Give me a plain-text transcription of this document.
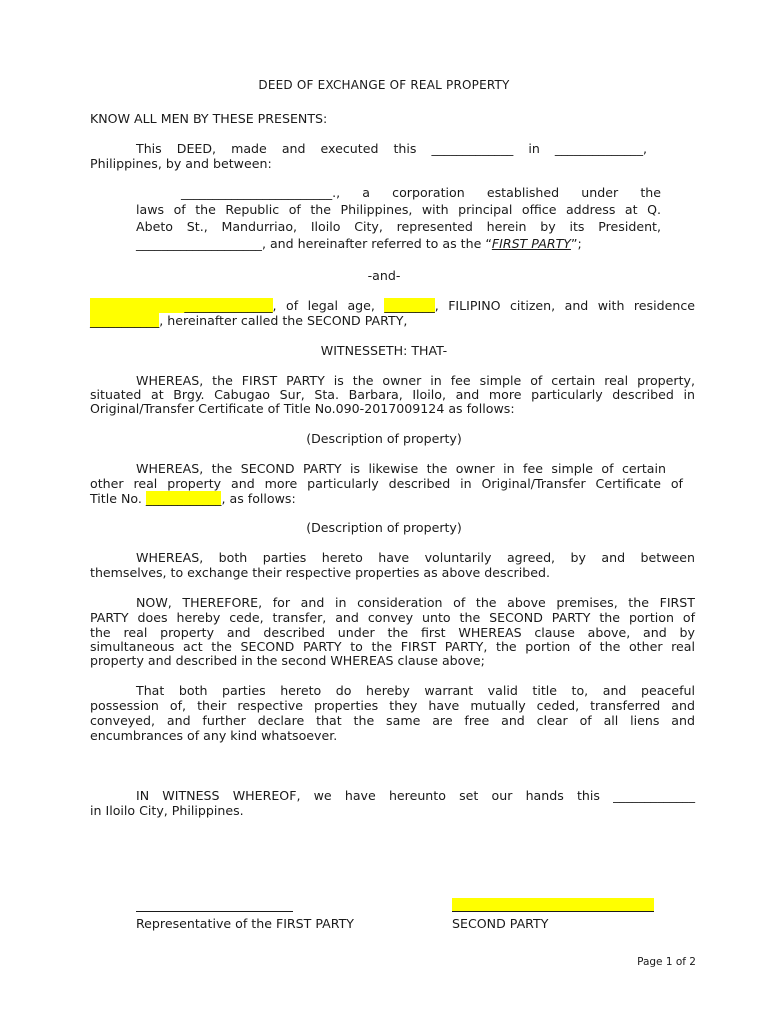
DEED OF EXCHANGE OF REAL PROPERTY
KNOW ALL MEN BY THESE PRESENTS:
This DEED, made and executed this _____________ in ______________,
Philippines, by and between:
________________________., a corporation established under the
laws of the Republic of the Philippines, with principal office address at Q.
Abeto St., Mandurriao, Iloilo City, represented herein by its President,
____________________, and hereinafter referred to as the “FIRST PARTY”;
-and-
______________, of legal age, ________, FILIPINO citizen, and with residence
___________, hereinafter called the SECOND PARTY,
WITNESSETH: THAT-
WHEREAS, the FIRST PARTY is the owner in fee simple of certain real property,
situated at Brgy. Cabugao Sur, Sta. Barbara, Iloilo, and more particularly described in
Original/Transfer Certificate of Title No.090-2017009124 as follows:
(Description of property)
WHEREAS, the SECOND PARTY is likewise the owner in fee simple of certain
other real property and more particularly described in Original/Transfer Certificate of
Title No. ____________, as follows:
(Description of property)
WHEREAS, both parties hereto have voluntarily agreed, by and between
themselves, to exchange their respective properties as above described.
NOW, THEREFORE, for and in consideration of the above premises, the FIRST
PARTY does hereby cede, transfer, and convey unto the SECOND PARTY the portion of
the real property and described under the first WHEREAS clause above, and by
simultaneous act the SECOND PARTY to the FIRST PARTY, the portion of the other real
property and described in the second WHEREAS clause above;
That both parties hereto do hereby warrant valid title to, and peaceful
possession of, their respective properties they have mutually ceded, transferred and
conveyed, and further declare that the same are free and clear of all liens and
encumbrances of any kind whatsoever.
IN WITNESS WHEREOF, we have hereunto set our hands this _____________
in Iloilo City, Philippines.
Representative of the FIRST PARTY	SECOND PARTY
Page 1 of 2
